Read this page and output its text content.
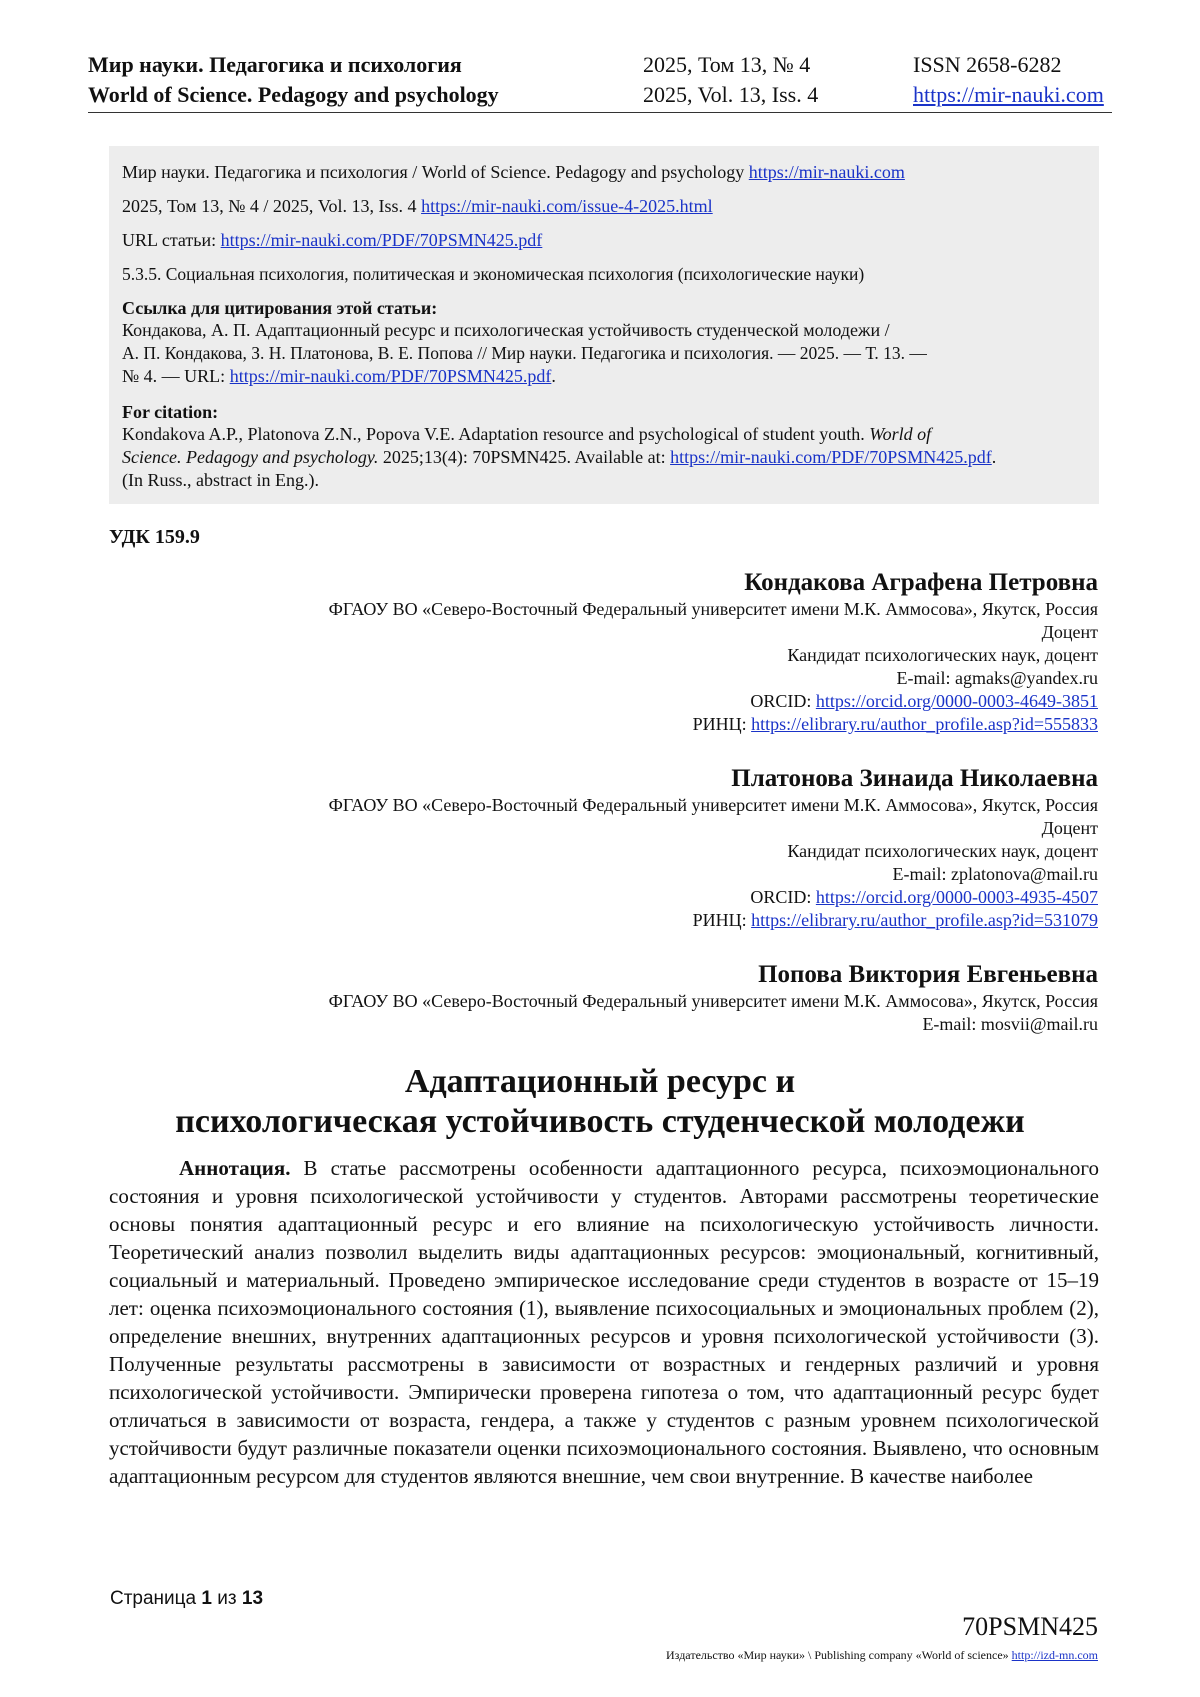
Мир науки. Педагогика и психология
World of Science. Pedagogy and psychology
2025, Том 13, № 4
2025, Vol. 13, Iss. 4
ISSN 2658-6282
https://mir-nauki.com
Мир науки. Педагогика и психология / World of Science. Pedagogy and psychology https://mir-nauki.com
2025, Том 13, № 4 / 2025, Vol. 13, Iss. 4 https://mir-nauki.com/issue-4-2025.html
URL статьи: https://mir-nauki.com/PDF/70PSMN425.pdf
5.3.5. Социальная психология, политическая и экономическая психология (психологические науки)
Ссылка для цитирования этой статьи:
Кондакова, А. П. Адаптационный ресурс и психологическая устойчивость студенческой молодежи /
А. П. Кондакова, З. Н. Платонова, В. Е. Попова // Мир науки. Педагогика и психология. — 2025. — Т. 13. —
№ 4. — URL: https://mir-nauki.com/PDF/70PSMN425.pdf.
For citation:
Kondakova A.P., Platonova Z.N., Popova V.E. Adaptation resource and psychological of student youth. World of
Science. Pedagogy and psychology. 2025;13(4): 70PSMN425. Available at: https://mir-nauki.com/PDF/70PSMN425.pdf.
(In Russ., abstract in Eng.).
УДК 159.9
Кондакова Аграфена Петровна
ФГАОУ ВО «Северо-Восточный Федеральный университет имени М.К. Аммосова», Якутск, Россия
Доцент
Кандидат психологических наук, доцент
E-mail: agmaks@yandex.ru
ORCID: https://orcid.org/0000-0003-4649-3851
РИНЦ: https://elibrary.ru/author_profile.asp?id=555833
Платонова Зинаида Николаевна
ФГАОУ ВО «Северо-Восточный Федеральный университет имени М.К. Аммосова», Якутск, Россия
Доцент
Кандидат психологических наук, доцент
E-mail: zplatonova@mail.ru
ORCID: https://orcid.org/0000-0003-4935-4507
РИНЦ: https://elibrary.ru/author_profile.asp?id=531079
Попова Виктория Евгеньевна
ФГАОУ ВО «Северо-Восточный Федеральный университет имени М.К. Аммосова», Якутск, Россия
E-mail: mosvii@mail.ru
Адаптационный ресурс и
психологическая устойчивость студенческой молодежи
Аннотация. В статье рассмотрены особенности адаптационного ресурса, психоэмоционального состояния и уровня психологической устойчивости у студентов. Авторами рассмотрены теоретические основы понятия адаптационный ресурс и его влияние на психологическую устойчивость личности. Теоретический анализ позволил выделить виды адаптационных ресурсов: эмоциональный, когнитивный, социальный и материальный. Проведено эмпирическое исследование среди студентов в возрасте от 15–19 лет: оценка психоэмоционального состояния (1), выявление психосоциальных и эмоциональных проблем (2), определение внешних, внутренних адаптационных ресурсов и уровня психологической устойчивости (3). Полученные результаты рассмотрены в зависимости от возрастных и гендерных различий и уровня психологической устойчивости. Эмпирически проверена гипотеза о том, что адаптационный ресурс будет отличаться в зависимости от возраста, гендера, а также у студентов с разным уровнем психологической устойчивости будут различные показатели оценки психоэмоционального состояния. Выявлено, что основным адаптационным ресурсом для студентов являются внешние, чем свои внутренние. В качестве наиболее
Страница 1 из 13
70PSMN425
Издательство «Мир науки» \ Publishing company «World of science» http://izd-mn.com
